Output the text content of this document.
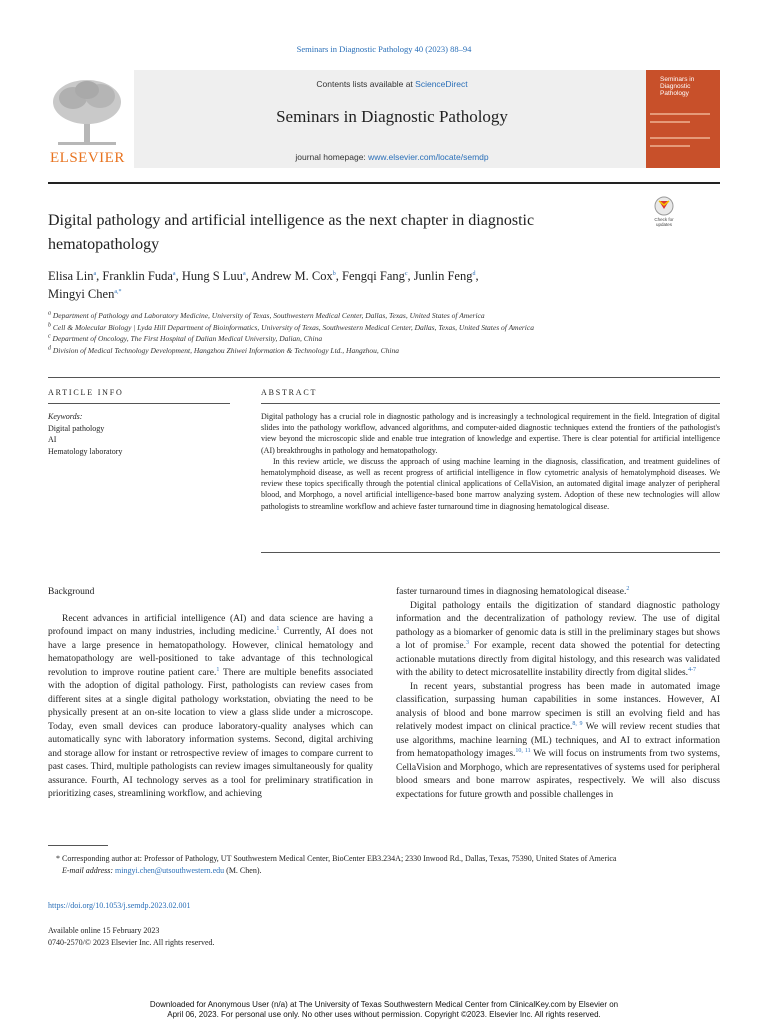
Seminars in Diagnostic Pathology 40 (2023) 88–94
ELSEVIER
Contents lists available at ScienceDirect
Seminars in Diagnostic Pathology
journal homepage: www.elsevier.com/locate/semdp
Seminars in Diagnostic Pathology
Digital pathology and artificial intelligence as the next chapter in diagnostic hematopathology
Check for
updates
Elisa Lin$^a$, Franklin Fuda$^a$, Hung S Luu$^a$, Andrew M. Cox$^b$, Fengqi Fang$^c$, Junlin Feng$^d$,
Mingyi Chen$^{a,*}$
$^a$ Department of Pathology and Laboratory Medicine, University of Texas, Southwestern Medical Center, Dallas, Texas, United States of America
$^b$ Cell & Molecular Biology | Lyda Hill Department of Bioinformatics, University of Texas, Southwestern Medical Center, Dallas, Texas, United States of America
$^c$ Department of Oncology, The First Hospital of Dalian Medical University, Dalian, China
$^d$ Division of Medical Technology Development, Hangzhou Zhiwei Information & Technology Ltd., Hangzhou, China
ARTICLE INFO	ABSTRACT
Keywords:
Digital pathology
AI
Hematology laboratory

Digital pathology has a crucial role in diagnostic pathology and is increasingly a technological requirement in the field. Integration of digital slides into the pathology workflow, advanced algorithms, and computer-aided diagnostic techniques extend the frontiers of the pathologist's view beyond the microscopic slide and enable true integration of knowledge and expertise. There is clear potential for artificial intelligence (AI) breakthroughs in pathology and hematopathology.

In this review article, we discuss the approach of using machine learning in the diagnosis, classification, and treatment guidelines of hematolymphoid disease, as well as recent progress of artificial intelligence in flow cytometric analysis of hematolymphoid diseases. We review these topics specifically through the potential clinical applications of CellaVision, an automated digital image analyzer of peripheral blood, and Morphogo, a novel artificial intelligence-based bone marrow analyzing system. Adoption of these new technologies will allow pathologists to streamline workflow and achieve faster turnaround time in diagnosing hematological disease.

Background

Recent advances in artificial intelligence (AI) and data science are having a profound impact on many industries, including medicine.$^1$ Currently, AI does not have a large presence in hematopathology. However, clinical hematology and hematopathology are well-positioned to take advantage of this technological revolution to improve routine patient care.$^1$ There are multiple benefits associated with the adoption of digital pathology. First, pathologists can review cases from different sites at a single digital pathology workstation, obviating the need to be physically present at an on-site location to view a glass slide under a microscope. Today, even small devices can produce laboratory-quality analyses which can automatically sync with laboratory information systems. Second, digital archiving and storage allow for instant or retrospective review of images to compare current to past cases. Third, multiple pathologists can review images simultaneously for quality assurance. Fourth, AI technology serves as a tool for preliminary stratification in prioritizing cases, streamlining workflow, and achieving

faster turnaround times in diagnosing hematological disease.$^2$

Digital pathology entails the digitization of standard diagnostic pathology information and the decentralization of pathology review. The use of digital pathology as a biomarker of genomic data is still in the preliminary stages but shows a lot of promise.$^3$ For example, recent data showed the potential for detecting actionable mutations directly from digital histology, and this research was validated with the ability to detect microsatellite instability directly from digital slides.$^{4-7}$

In recent years, substantial progress has been made in automated image classification, surpassing human capabilities in some instances. However, AI analysis of blood and bone marrow specimen is still an evolving field and has relatively modest impact on clinical practice.$^{8, 9}$ We will review recent studies that use algorithms, machine learning (ML) techniques, and AI to extract information from hematopathology images.$^{10, 11}$ We will focus on instruments from two systems, CellaVision and Morphogo, which are representatives of systems used for peripheral blood smears and bone marrow aspirates, respectively. We will also discuss expectations for future growth and possible challenges in

* Corresponding author at: Professor of Pathology, UT Southwestern Medical Center, BioCenter EB3.234A; 2330 Inwood Rd., Dallas, Texas, 75390, United States of America
E-mail address: mingyi.chen@utsouthwestern.edu (M. Chen).
https://doi.org/10.1053/j.semdp.2023.02.001
Available online 15 February 2023
0740-2570/© 2023 Elsevier Inc. All rights reserved.
Downloaded for Anonymous User (n/a) at The University of Texas Southwestern Medical Center from ClinicalKey.com by Elsevier on
April 06, 2023. For personal use only. No other uses without permission. Copyright ©2023. Elsevier Inc. All rights reserved.
